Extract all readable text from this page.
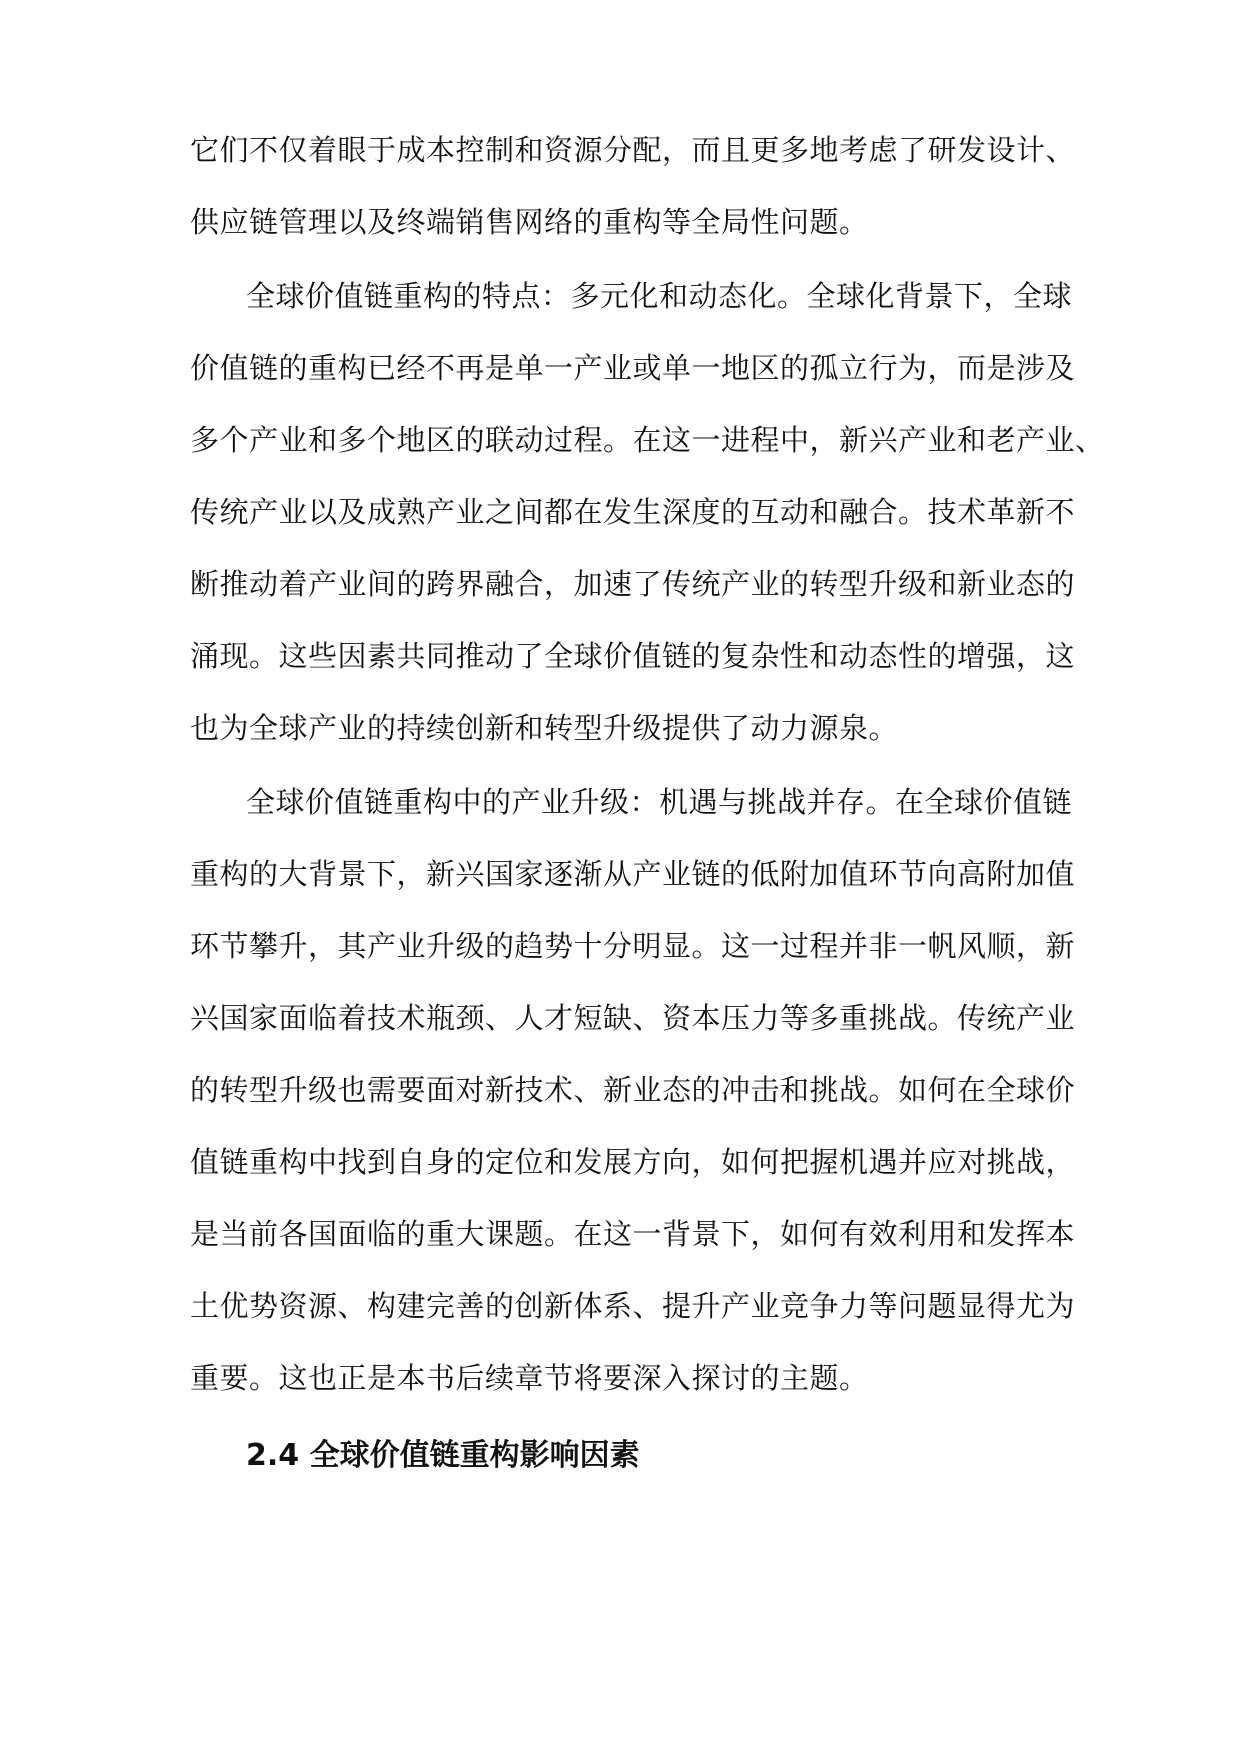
它们不仅着眼于成本控制和资源分配，而且更多地考虑了研发设计、
供应链管理以及终端销售网络的重构等全局性问题。
全球价值链重构的特点：多元化和动态化。全球化背景下，全球
价值链的重构已经不再是单一产业或单一地区的孤立行为，而是涉及
多个产业和多个地区的联动过程。在这一进程中，新兴产业和老产业、
传统产业以及成熟产业之间都在发生深度的互动和融合。技术革新不
断推动着产业间的跨界融合，加速了传统产业的转型升级和新业态的
涌现。这些因素共同推动了全球价值链的复杂性和动态性的增强，这
也为全球产业的持续创新和转型升级提供了动力源泉。
全球价值链重构中的产业升级：机遇与挑战并存。在全球价值链
重构的大背景下，新兴国家逐渐从产业链的低附加值环节向高附加值
环节攀升，其产业升级的趋势十分明显。这一过程并非一帆风顺，新
兴国家面临着技术瓶颈、人才短缺、资本压力等多重挑战。传统产业
的转型升级也需要面对新技术、新业态的冲击和挑战。如何在全球价
值链重构中找到自身的定位和发展方向，如何把握机遇并应对挑战，
是当前各国面临的重大课题。在这一背景下，如何有效利用和发挥本
土优势资源、构建完善的创新体系、提升产业竞争力等问题显得尤为
重要。这也正是本书后续章节将要深入探讨的主题。
2.4 全球价值链重构影响因素
